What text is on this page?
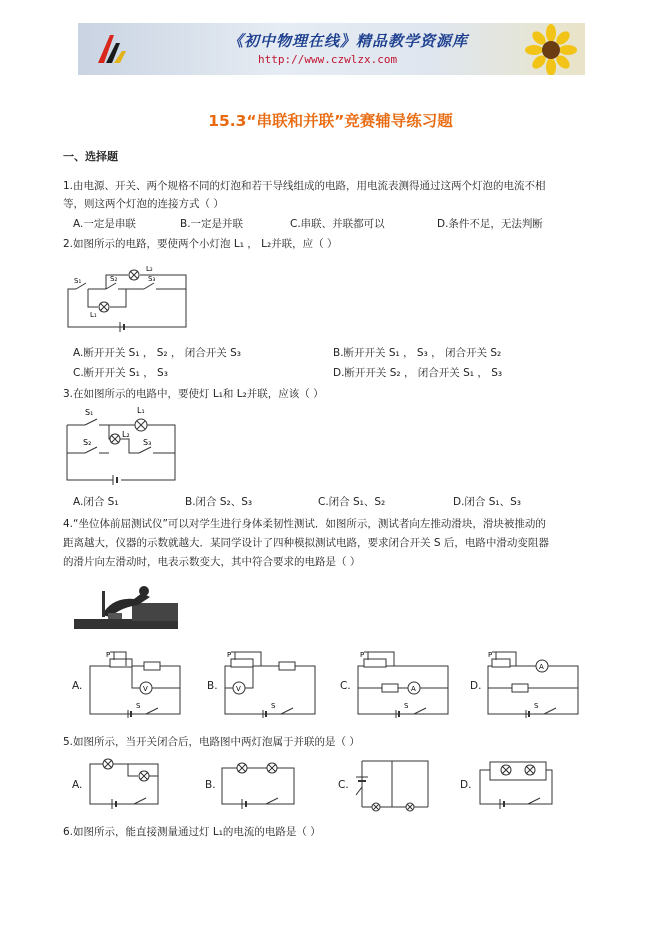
《初中物理在线》精品教学资源库
http://www.czwlzx.com
15.3“串联和并联”竞赛辅导练习题
一、选择题
1.由电源、开关、两个规格不同的灯泡和若干导线组成的电路，用电流表测得通过这两个灯泡的电流不相
等，则这两个灯泡的连接方式（ ）
A.一定是串联	B.一定是并联	C.串联、并联都可以	D.条件不足，无法判断
2.如图所示的电路，要使两个小灯泡 L₁ ， L₂并联，应（ ）
S₁	S₂	S₃
L₂
L₁
A.断开开关 S₁ ， S₂ ， 闭合开关 S₃	B.断开开关 S₁ ， S₃ ， 闭合开关 S₂
C.断开开关 S₁ ， S₃	D.断开开关 S₂ ， 闭合开关 S₁ ， S₃
3.在如图所示的电路中，要使灯 L₁和 L₂并联，应该（ ）
S₁	L₁
S₂
L₂
S₃
A.闭合 S₁	B.闭合 S₂、S₃	C.闭合 S₁、S₂	D.闭合 S₁、S₃
4.“坐位体前屈测试仪”可以对学生进行身体柔韧性测试．如图所示，测试者向左推动滑块，滑块被推动的
距离越大，仪器的示数就越大．某同学设计了四种模拟测试电路，要求闭合开关 S 后，电路中滑动变阻器
的滑片向左滑动时，电表示数变大，其中符合要求的电路是（ ）
A.
P
V
S
B.
P
V
S
C.
P
A
S
D.
P
A
S
5.如图所示，当开关闭合后，电路图中两灯泡属于并联的是（ ）
A.	B.	C.	D.
6.如图所示，能直接测量通过灯 L₁的电流的电路是（ ）
